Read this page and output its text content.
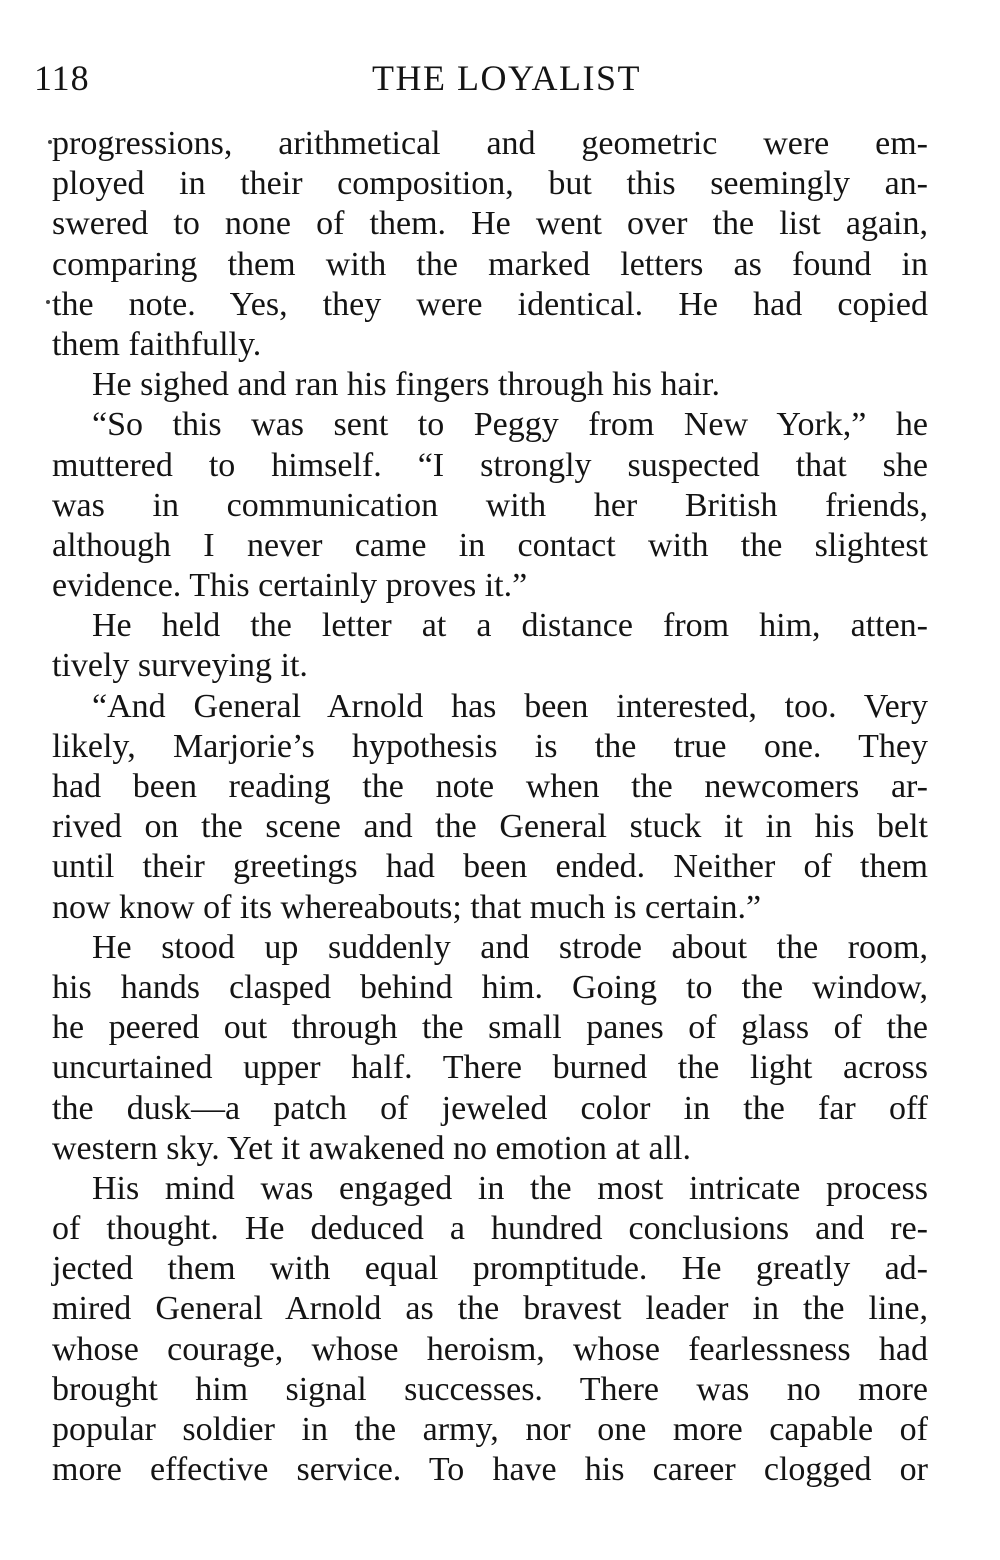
118	THE LOYALIST
progressions, arithmetical and geometric were em-
ployed in their composition, but this seemingly an-
swered to none of them. He went over the list again,
comparing them with the marked letters as found in
the note. Yes, they were identical. He had copied
them faithfully.
He sighed and ran his fingers through his hair.
“So this was sent to Peggy from New York,” he
muttered to himself. “I strongly suspected that she
was in communication with her British friends,
although I never came in contact with the slightest
evidence. This certainly proves it.”
He held the letter at a distance from him, atten-
tively surveying it.
“And General Arnold has been interested, too. Very
likely, Marjorie’s hypothesis is the true one. They
had been reading the note when the newcomers ar-
rived on the scene and the General stuck it in his belt
until their greetings had been ended. Neither of them
now know of its whereabouts; that much is certain.”
He stood up suddenly and strode about the room,
his hands clasped behind him. Going to the window,
he peered out through the small panes of glass of the
uncurtained upper half. There burned the light across
the dusk—a patch of jeweled color in the far off
western sky. Yet it awakened no emotion at all.
His mind was engaged in the most intricate process
of thought. He deduced a hundred conclusions and re-
jected them with equal promptitude. He greatly ad-
mired General Arnold as the bravest leader in the line,
whose courage, whose heroism, whose fearlessness had
brought him signal successes. There was no more
popular soldier in the army, nor one more capable of
more effective service. To have his career clogged or
